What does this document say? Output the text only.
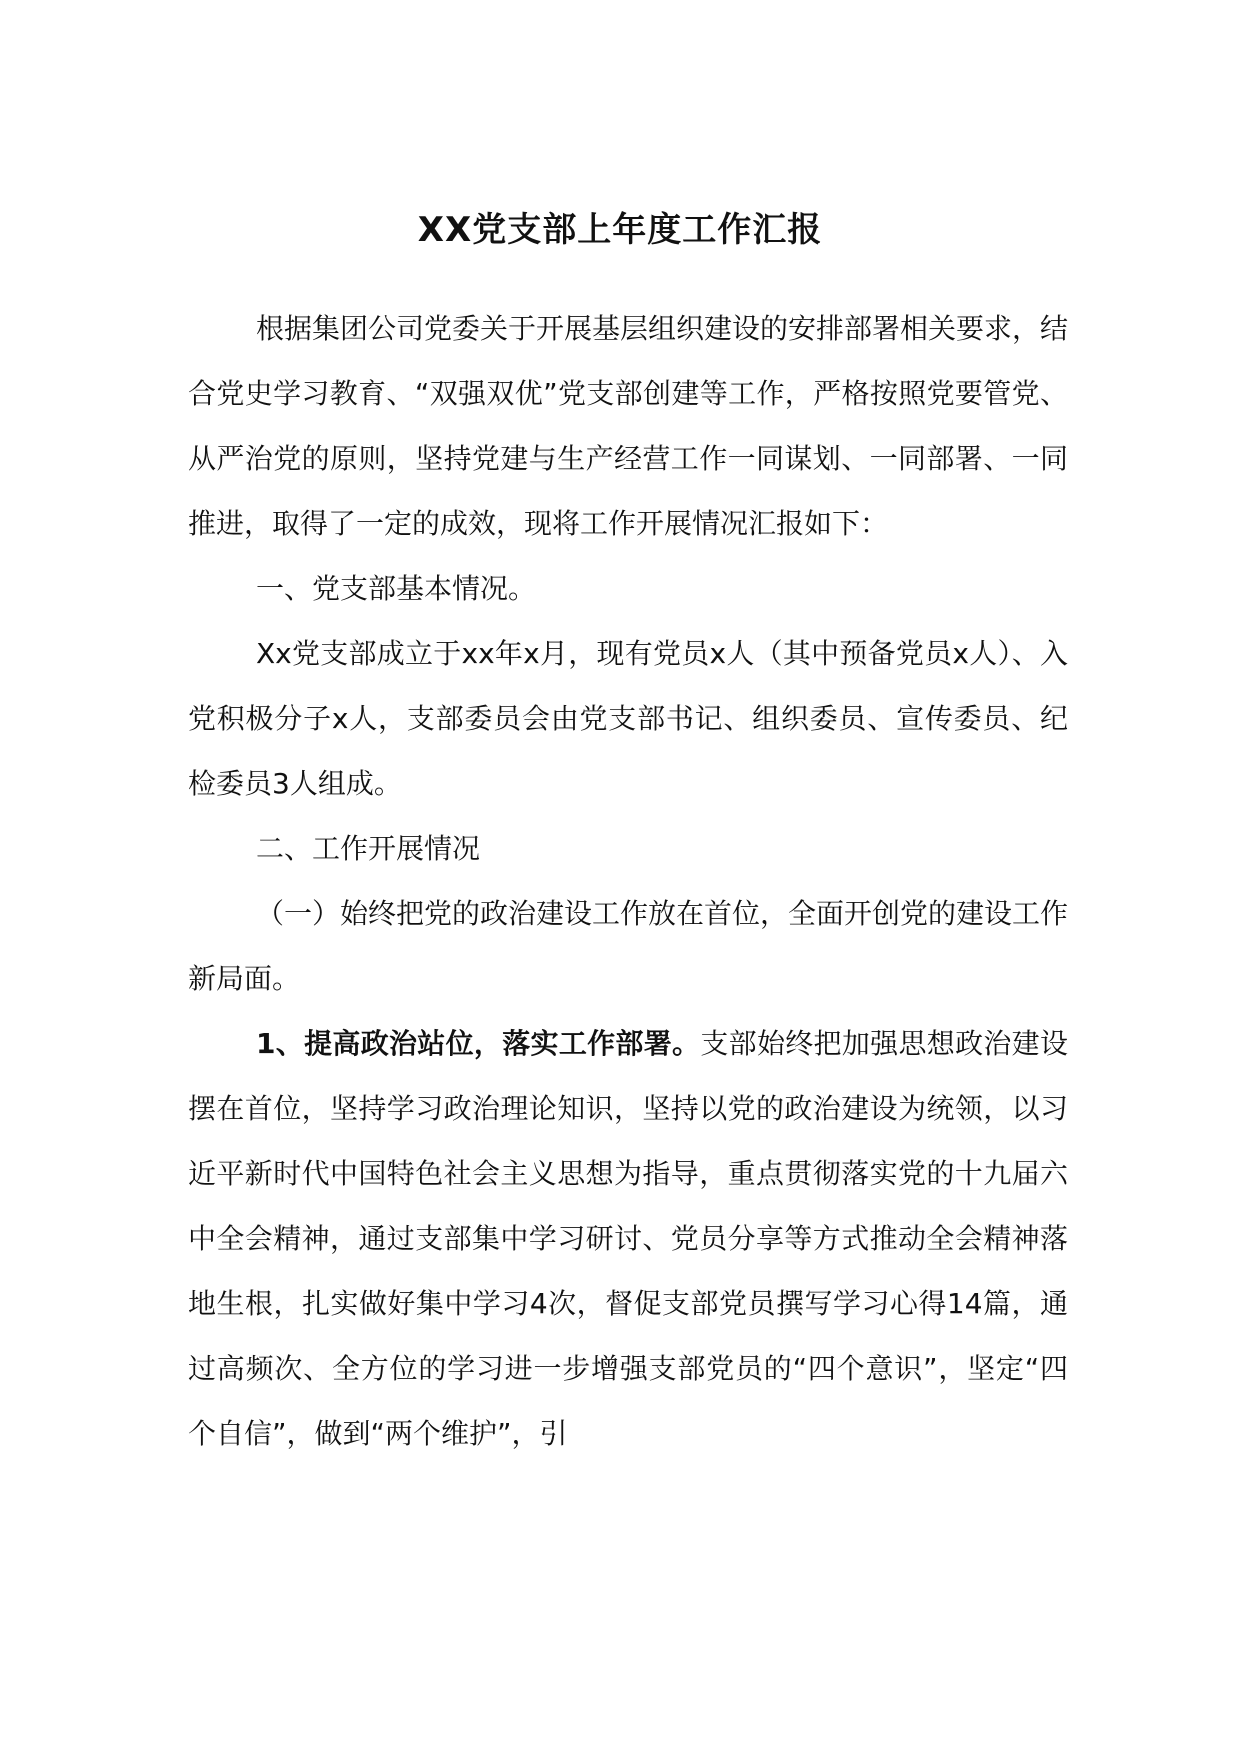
XX党支部上年度工作汇报

根据集团公司党委关于开展基层组织建设的安排部署相关要求，结合党史学习教育、“双强双优”党支部创建等工作，严格按照党要管党、从严治党的原则，坚持党建与生产经营工作一同谋划、一同部署、一同推进，取得了一定的成效，现将工作开展情况汇报如下：

一、党支部基本情况。

Xx党支部成立于xx年x月，现有党员x人（其中预备党员x人）、入党积极分子x人，支部委员会由党支部书记、组织委员、宣传委员、纪检委员3人组成。

二、工作开展情况

（一）始终把党的政治建设工作放在首位，全面开创党的建设工作新局面。

1、提高政治站位，落实工作部署。支部始终把加强思想政治建设摆在首位，坚持学习政治理论知识，坚持以党的政治建设为统领，以习近平新时代中国特色社会主义思想为指导，重点贯彻落实党的十九届六中全会精神，通过支部集中学习研讨、党员分享等方式推动全会精神落地生根，扎实做好集中学习4次，督促支部党员撰写学习心得14篇，通过高频次、全方位的学习进一步增强支部党员的“四个意识”，坚定“四个自信”，做到“两个维护”，引
